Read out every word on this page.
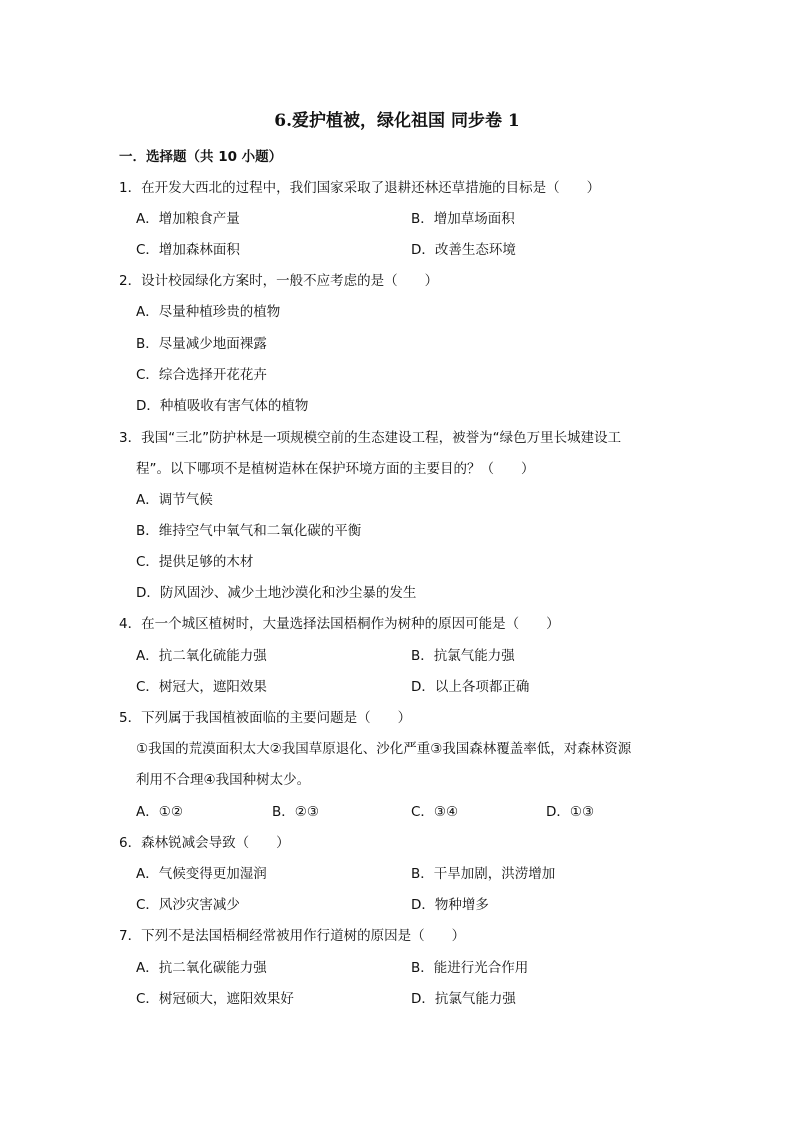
6.爱护植被，绿化祖国 同步卷 1
一．选择题（共 10 小题）
1．在开发大西北的过程中，我们国家采取了退耕还林还草措施的目标是（　　）
A．增加粮食产量	B．增加草场面积
C．增加森林面积	D．改善生态环境
2．设计校园绿化方案时，一般不应考虑的是（　　）
A．尽量种植珍贵的植物
B．尽量减少地面裸露
C．综合选择开花花卉
D．种植吸收有害气体的植物
3．我国“三北”防护林是一项规模空前的生态建设工程，被誉为“绿色万里长城建设工
程”。以下哪项不是植树造林在保护环境方面的主要目的？（　　）
A．调节气候
B．维持空气中氧气和二氧化碳的平衡
C．提供足够的木材
D．防风固沙、减少土地沙漠化和沙尘暴的发生
4．在一个城区植树时，大量选择法国梧桐作为树种的原因可能是（　　）
A．抗二氧化硫能力强	B．抗氯气能力强
C．树冠大，遮阳效果	D．以上各项都正确
5．下列属于我国植被面临的主要问题是（　　）
①我国的荒漠面积太大②我国草原退化、沙化严重③我国森林覆盖率低，对森林资源
利用不合理④我国种树太少。
A．①②	B．②③	C．③④	D．①③
6．森林锐减会导致（　　）
A．气候变得更加湿润	B．干旱加剧，洪涝增加
C．风沙灾害减少	D．物种增多
7．下列不是法国梧桐经常被用作行道树的原因是（　　）
A．抗二氧化碳能力强	B．能进行光合作用
C．树冠硕大，遮阳效果好	D．抗氯气能力强
